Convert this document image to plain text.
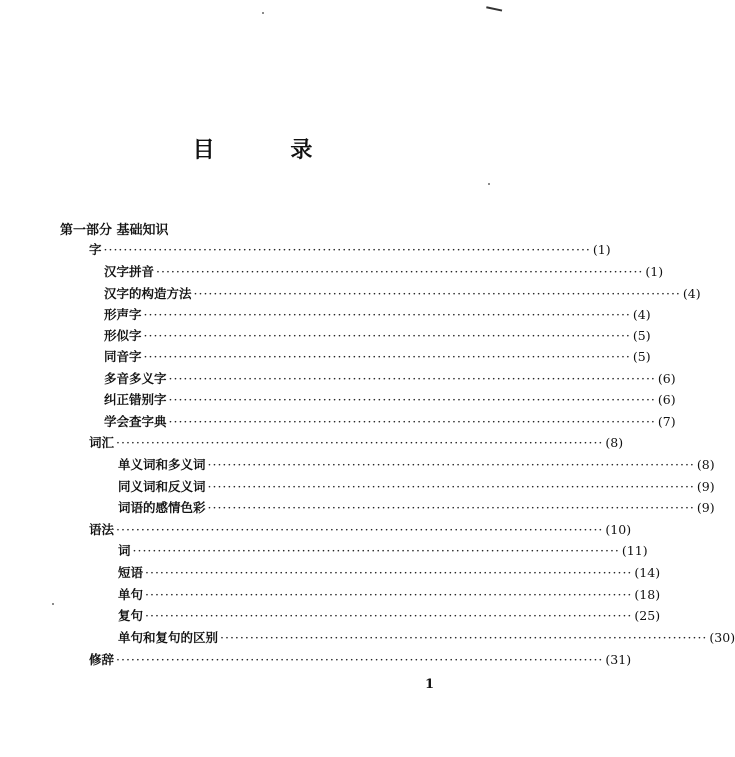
目 录
第一部分 基础知识
字 ·································································································· (1)
汉字拼音 ·································································································· (1)
汉字的构造方法 ·································································································· (4)
形声字 ·································································································· (4)
形似字 ·································································································· (5)
同音字 ·································································································· (5)
多音多义字 ·································································································· (6)
纠正错别字 ·································································································· (6)
学会查字典 ·································································································· (7)
词汇 ·································································································· (8)
单义词和多义词 ·································································································· (8)
同义词和反义词 ·································································································· (9)
词语的感情色彩 ·································································································· (9)
语法 ·································································································· (10)
词 ·································································································· (11)
短语 ·································································································· (14)
单句 ·································································································· (18)
复句 ·································································································· (25)
单句和复句的区别 ·································································································· (30)
修辞 ·································································································· (31)
1
